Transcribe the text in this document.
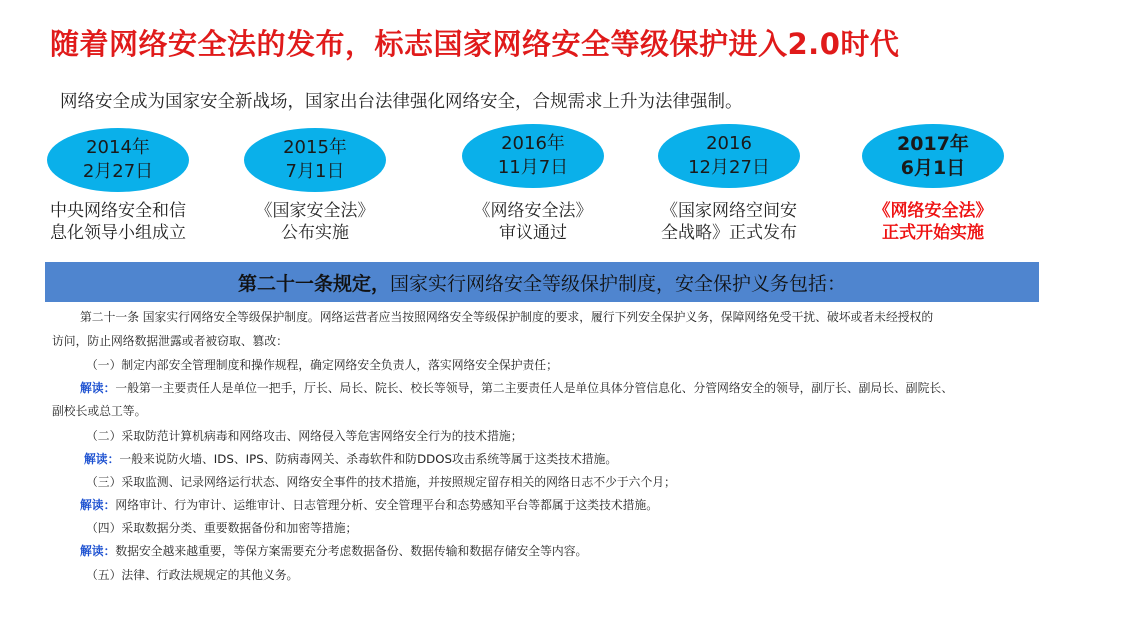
随着网络安全法的发布，标志国家网络安全等级保护进入2.0时代
网络安全成为国家安全新战场，国家出台法律强化网络安全，合规需求上升为法律强制。
2014年
2月27日
中央网络安全和信
息化领导小组成立
2015年
7月1日
《国家安全法》
公布实施
2016年
11月7日
《网络安全法》
审议通过
2016
12月27日
《国家网络空间安
全战略》正式发布
2017年
6月1日
《网络安全法》
正式开始实施
第二十一条规定， 国家实行网络安全等级保护制度，安全保护义务包括：
第二十一条 国家实行网络安全等级保护制度。网络运营者应当按照网络安全等级保护制度的要求，履行下列安全保护义务，保障网络免受干扰、破坏或者未经授权的
访问，防止网络数据泄露或者被窃取、篡改：
（一）制定内部安全管理制度和操作规程，确定网络安全负责人，落实网络安全保护责任；
解读：一般第一主要责任人是单位一把手，厅长、局长、院长、校长等领导，第二主要责任人是单位具体分管信息化、分管网络安全的领导，副厅长、副局长、副院长、
副校长或总工等。
（二）采取防范计算机病毒和网络攻击、网络侵入等危害网络安全行为的技术措施；
解读：一般来说防火墙、IDS、IPS、防病毒网关、杀毒软件和防DDOS攻击系统等属于这类技术措施。
（三）采取监测、记录网络运行状态、网络安全事件的技术措施，并按照规定留存相关的网络日志不少于六个月；
解读：网络审计、行为审计、运维审计、日志管理分析、安全管理平台和态势感知平台等都属于这类技术措施。
（四）采取数据分类、重要数据备份和加密等措施；
解读：数据安全越来越重要，等保方案需要充分考虑数据备份、数据传输和数据存储安全等内容。
（五）法律、行政法规规定的其他义务。
